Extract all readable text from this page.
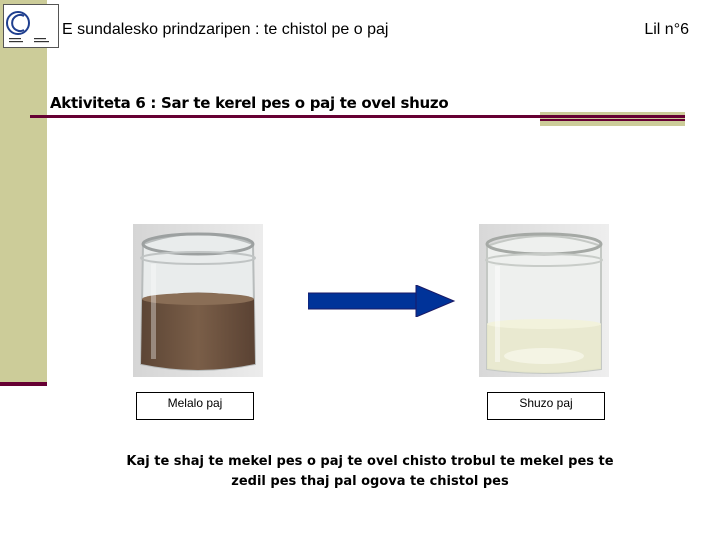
E sundalesko prindzaripen : te chistol pe o paj	Lil n°6
Aktiviteta 6 : Sar te kerel pes o paj te ovel shuzo
Melalo paj	Shuzo paj
Kaj te shaj te mekel pes o paj te ovel chisto trobul te mekel pes te
zedil pes thaj pal ogova te chistol pes
